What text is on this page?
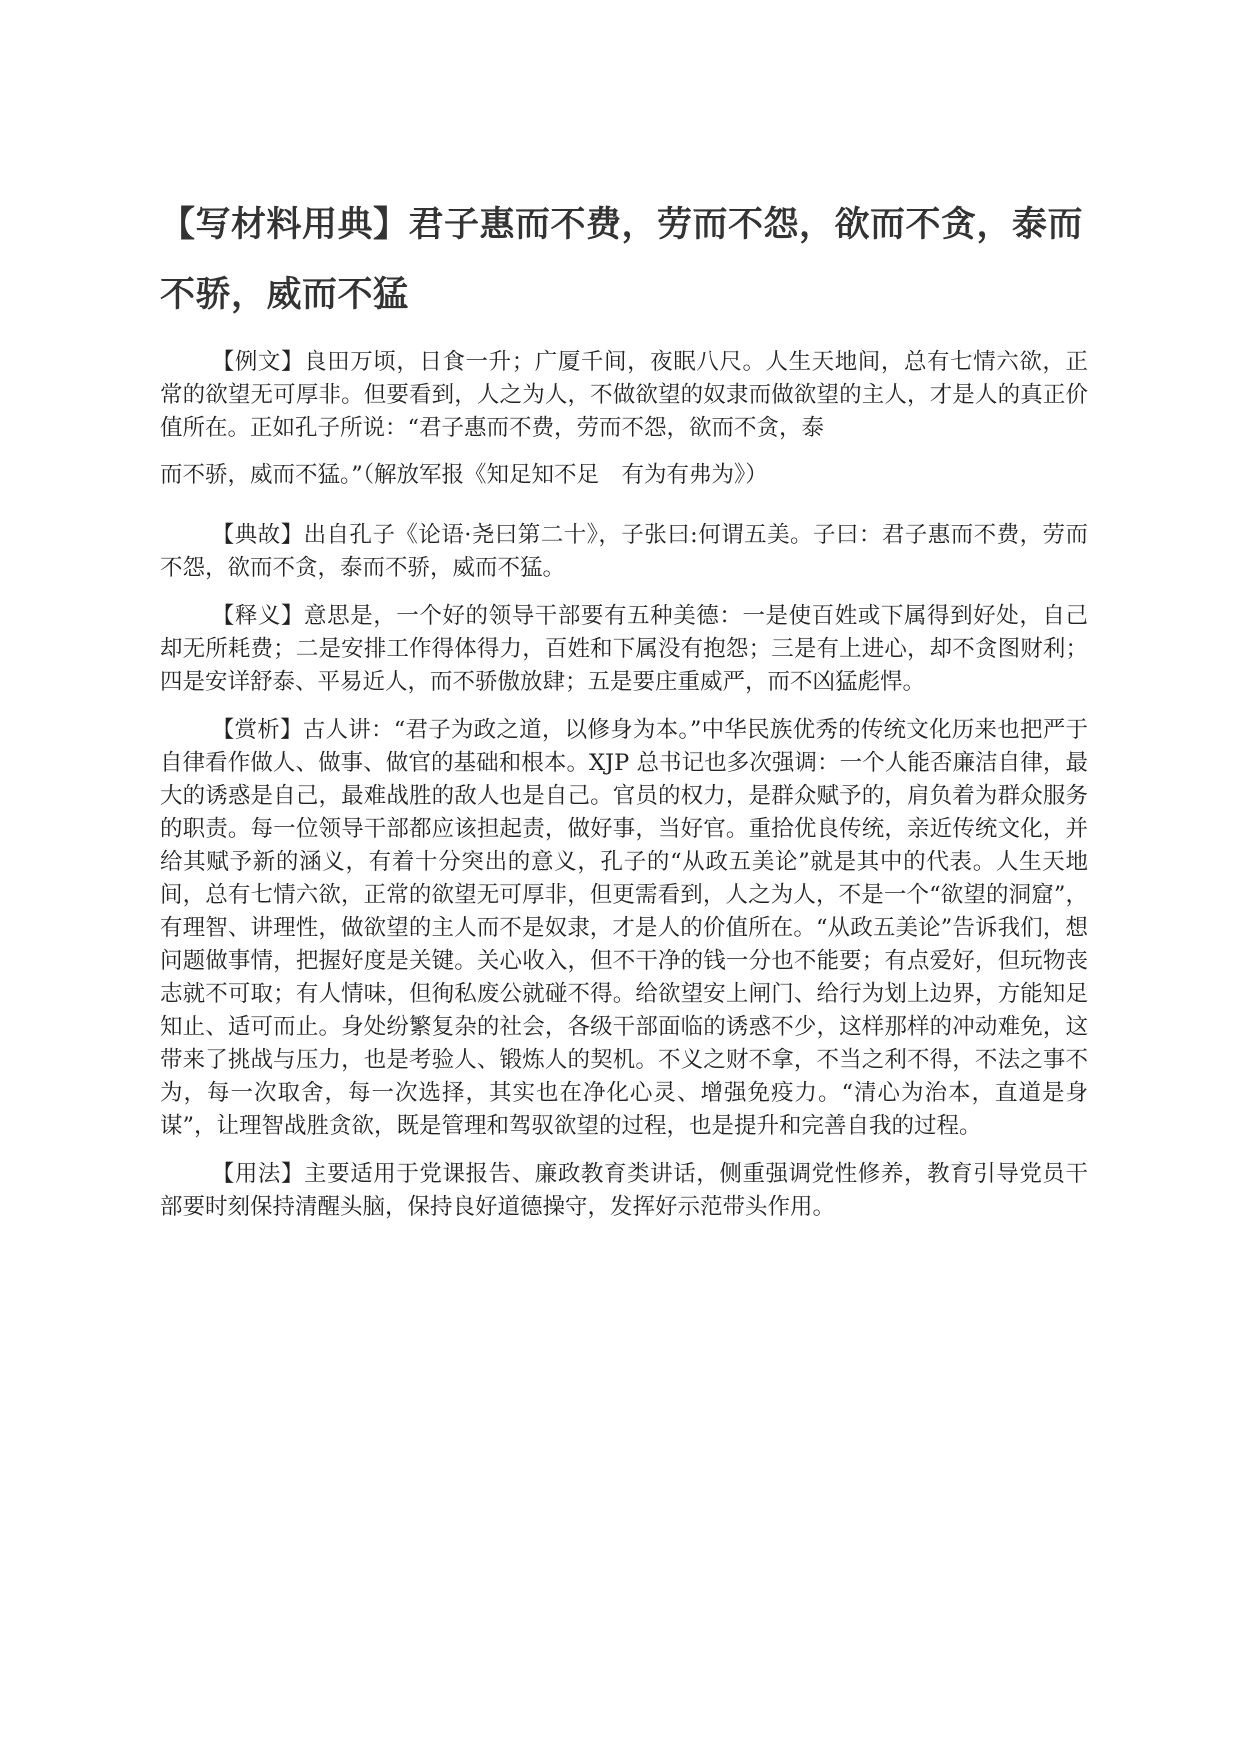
【写材料用典】君子惠而不费，劳而不怨，欲而不贪，泰而不骄，威而不猛

【例文】良田万顷，日食一升；广厦千间，夜眠八尺。人生天地间，总有七情六欲，正常的欲望无可厚非。但要看到，人之为人，不做欲望的奴隶而做欲望的主人，才是人的真正价值所在。正如孔子所说：“君子惠而不费，劳而不怨，欲而不贪，泰

而不骄，威而不猛。”（解放军报《知足知不足　有为有弗为》）

【典故】出自孔子《论语·尧曰第二十》，子张曰:何谓五美。子曰：君子惠而不费，劳而不怨，欲而不贪，泰而不骄，威而不猛。

【释义】意思是，一个好的领导干部要有五种美德：一是使百姓或下属得到好处，自己却无所耗费；二是安排工作得体得力，百姓和下属没有抱怨；三是有上进心，却不贪图财利；四是安详舒泰、平易近人，而不骄傲放肆；五是要庄重威严，而不凶猛彪悍。

【赏析】古人讲：“君子为政之道，以修身为本。”中华民族优秀的传统文化历来也把严于自律看作做人、做事、做官的基础和根本。XJP 总书记也多次强调：一个人能否廉洁自律，最大的诱惑是自己，最难战胜的敌人也是自己。官员的权力，是群众赋予的，肩负着为群众服务的职责。每一位领导干部都应该担起责，做好事，当好官。重拾优良传统，亲近传统文化，并给其赋予新的涵义，有着十分突出的意义，孔子的“从政五美论”就是其中的代表。人生天地间，总有七情六欲，正常的欲望无可厚非，但更需看到，人之为人，不是一个“欲望的洞窟”，有理智、讲理性，做欲望的主人而不是奴隶，才是人的价值所在。“从政五美论”告诉我们，想问题做事情，把握好度是关键。关心收入，但不干净的钱一分也不能要；有点爱好，但玩物丧志就不可取；有人情味，但徇私废公就碰不得。给欲望安上闸门、给行为划上边界，方能知足知止、适可而止。身处纷繁复杂的社会，各级干部面临的诱惑不少，这样那样的冲动难免，这带来了挑战与压力，也是考验人、锻炼人的契机。不义之财不拿，不当之利不得，不法之事不为，每一次取舍，每一次选择，其实也在净化心灵、增强免疫力。“清心为治本，直道是身谋”，让理智战胜贪欲，既是管理和驾驭欲望的过程，也是提升和完善自我的过程。

【用法】主要适用于党课报告、廉政教育类讲话，侧重强调党性修养，教育引导党员干部要时刻保持清醒头脑，保持良好道德操守，发挥好示范带头作用。
